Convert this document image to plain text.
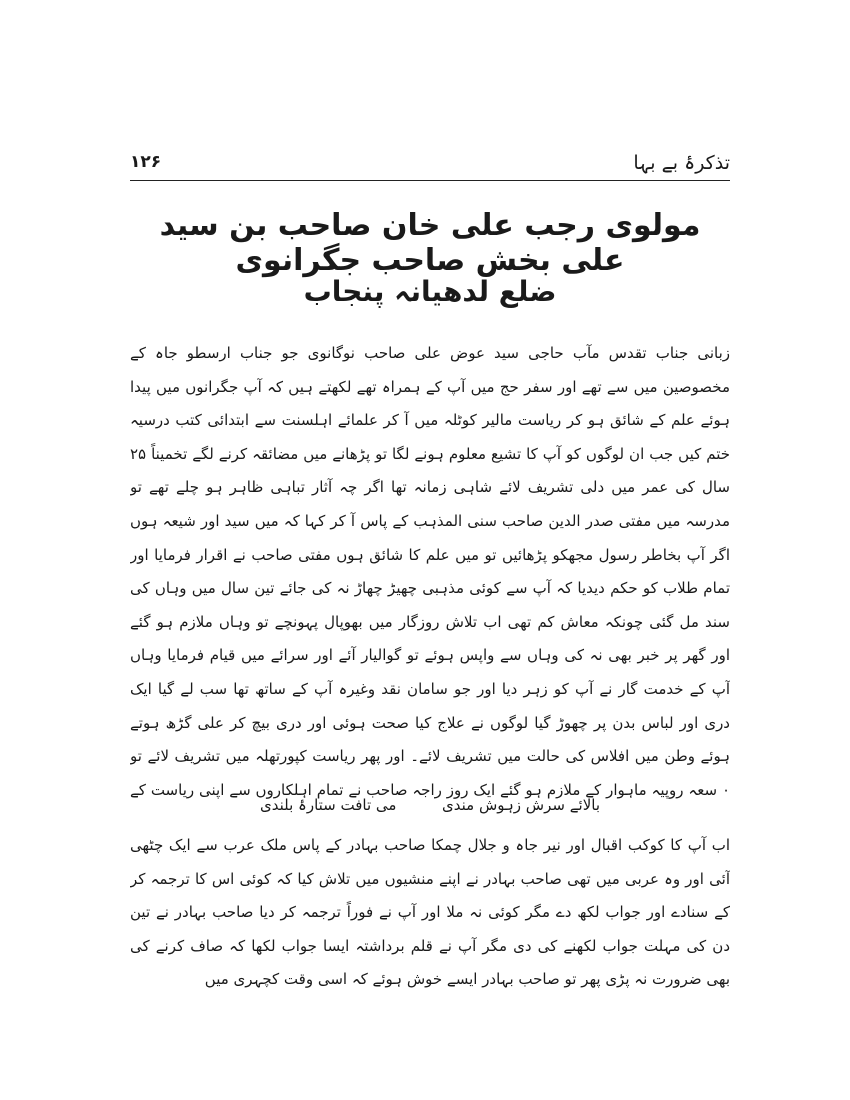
تذکرۂ بے بہا
۱۲۶
مولوی رجب علی خان صاحب بن سید علی بخش صاحب جگرانوی
ضلع لدھیانہ پنجاب

زبانی جناب تقدس مآب حاجی سید عوض علی صاحب نوگانوی جو جناب ارسطو جاہ کے مخصوصین میں سے تھے اور سفر حج میں آپ کے ہمراہ تھے لکھتے ہیں کہ آپ جگرانوں میں پیدا ہوئے علم کے شائق ہو کر ریاست مالیر کوٹلہ میں آ کر علمائے اہلسنت سے ابتدائی کتب درسیہ ختم کیں جب ان لوگوں کو آپ کا تشیع معلوم ہونے لگا تو پڑھانے میں مضائقہ کرنے لگے تخمیناً ۲۵ سال کی عمر میں دلی تشریف لائے شاہی زمانہ تھا اگر چہ آثار تباہی ظاہر ہو چلے تھے تو مدرسہ میں مفتی صدر الدین صاحب سنی المذہب کے پاس آ کر کہا کہ میں سید اور شیعہ ہوں اگر آپ بخاطر رسول مجھکو پڑھائیں تو میں علم کا شائق ہوں مفتی صاحب نے اقرار فرمایا اور تمام طلاب کو حکم دیدیا کہ آپ سے کوئی مذہبی چھیڑ چھاڑ نہ کی جائے تین سال میں وہاں کی سند مل گئی چونکہ معاش کم تھی اب تلاش روزگار میں بھوپال پہونچے تو وہاں ملازم ہو گئے اور گھر پر خبر بھی نہ کی وہاں سے واپس ہوئے تو گوالیار آئے اور سرائے میں قیام فرمایا وہاں آپ کے خدمت گار نے آپ کو زہر دیا اور جو سامان نقد وغیرہ آپ کے ساتھ تھا سب لے گیا ایک دری اور لباس بدن پر چھوڑ گیا لوگوں نے علاج کیا صحت ہوئی اور دری بیچ کر علی گڑھ ہوتے ہوئے وطن میں افلاس کی حالت میں تشریف لائے۔ اور پھر ریاست کپورتھلہ میں تشریف لائے تو ۰ سعہ روپیہ ماہوار کے ملازم ہو گئے ایک روز راجہ صاحب نے تمام اہلکاروں سے اپنی ریاست کے

بالائے سرش زہوش مندی
می تافت ستارۂ بلندی

اب آپ کا کوکب اقبال اور نیر جاہ و جلال چمکا صاحب بہادر کے پاس ملک عرب سے ایک چٹھی آئی اور وہ عربی میں تھی صاحب بہادر نے اپنے منشیوں میں تلاش کیا کہ کوئی اس کا ترجمہ کر کے سنادے اور جواب لکھ دے مگر کوئی نہ ملا اور آپ نے فوراً ترجمہ کر دیا صاحب بہادر نے تین دن کی مہلت جواب لکھنے کی دی مگر آپ نے قلم برداشتہ ایسا جواب لکھا کہ صاف کرنے کی بھی ضرورت نہ پڑی پھر تو صاحب بہادر ایسے خوش ہوئے کہ اسی وقت کچہری میں
